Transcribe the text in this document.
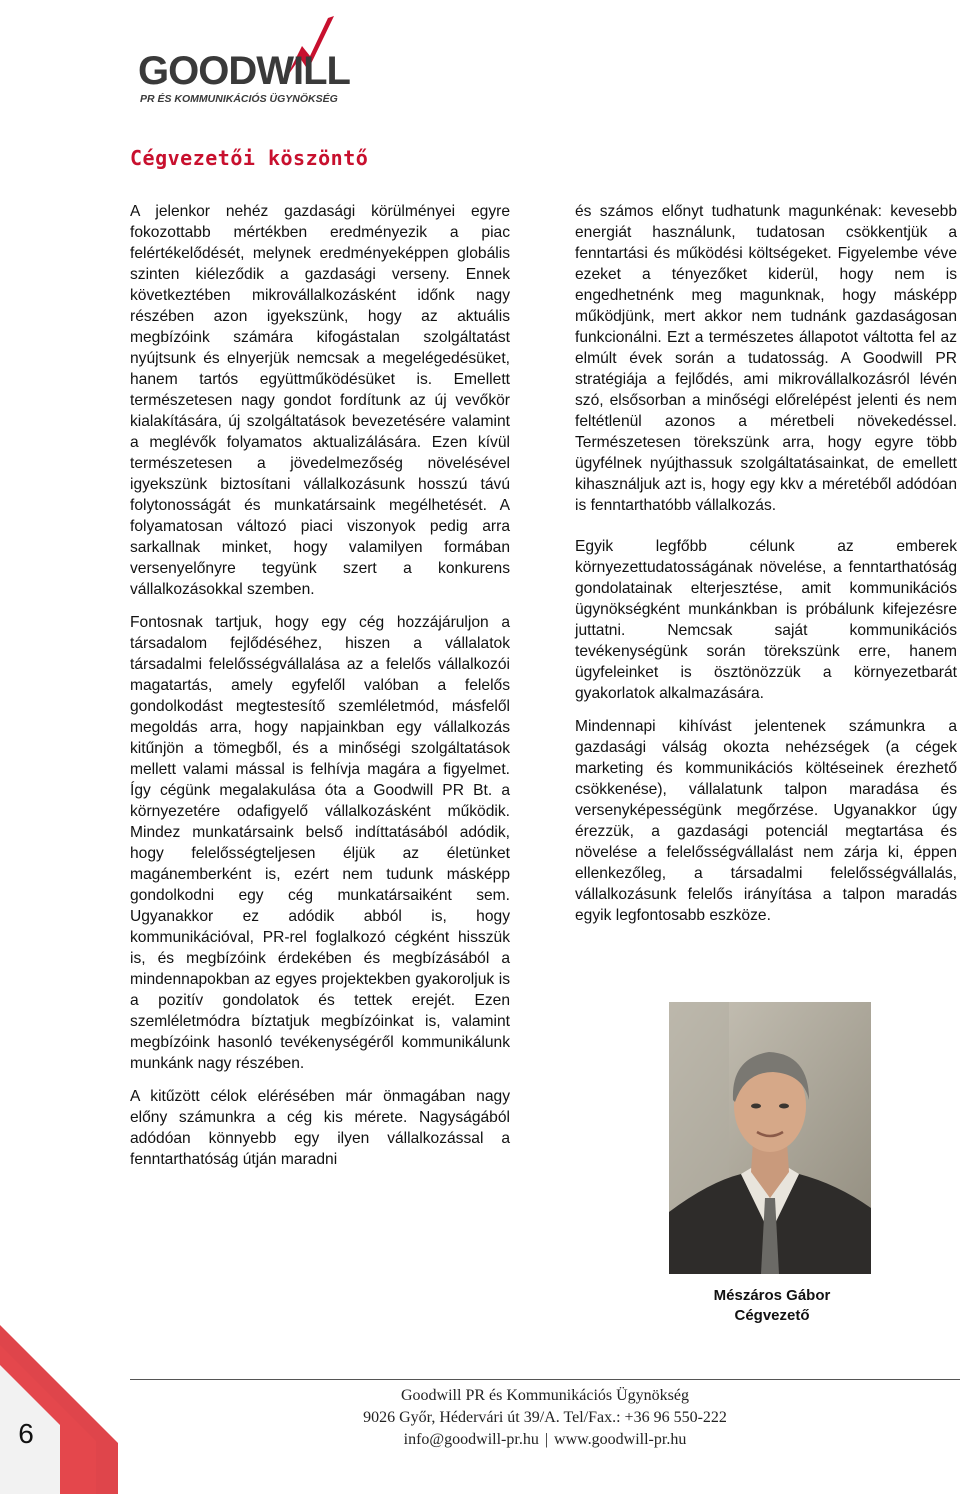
GOODWILL
PR ÉS KOMMUNIKÁCIÓS ÜGYNÖKSÉG
Cégvezetői köszöntő

A jelenkor nehéz gazdasági körülményei egyre fokozottabb mértékben eredményezik a piac felértékelődését, melynek eredményeképpen globális szinten kiéleződik a gazdasági verseny. Ennek következtében mikrovállalkozásként időnk nagy részében azon igyekszünk, hogy az aktuális megbízóink számára kifogástalan szolgáltatást nyújtsunk és elnyerjük nemcsak a megelégedésüket, hanem tartós együttműködésüket is. Emellett természetesen nagy gondot fordítunk az új vevőkör kialakítására, új szolgáltatások bevezetésére valamint a meglévők folyamatos aktualizálására. Ezen kívül természetesen a jövedelmezőség növelésével igyekszünk biztosítani vállalkozásunk hosszú távú folytonosságát és munkatársaink megélhetését. A folyamatosan változó piaci viszonyok pedig arra sarkallnak minket, hogy valamilyen formában versenyelőnyre tegyünk szert a konkurens vállalkozásokkal szemben.

Fontosnak tartjuk, hogy egy cég hozzájáruljon a társadalom fejlődéséhez, hiszen a vállalatok társadalmi felelősségvállalása az a felelős vállalkozói magatartás, amely egyfelől valóban a felelős gondolkodást megtestesítő szemléletmód, másfelől megoldás arra, hogy napjainkban egy vállalkozás kitűnjön a tömegből, és a minőségi szolgáltatások mellett valami mással is felhívja magára a figyelmet. Így cégünk megalakulása óta a Goodwill PR Bt. a környezetére odafigyelő vállalkozásként működik. Mindez munkatársaink belső indíttatásából adódik, hogy felelősségteljesen éljük az életünket magánemberként is, ezért nem tudunk másképp gondolkodni egy cég munkatársaiként sem. Ugyanakkor ez adódik abból is, hogy kommunikációval, PR-rel foglalkozó cégként hisszük is, és megbízóink érdekében és megbízásából a mindennapokban az egyes projektekben gyakoroljuk is a pozitív gondolatok és tettek erejét. Ezen szemléletmódra bíztatjuk megbízóinkat is, valamint megbízóink hasonló tevékenységéről kommunikálunk munkánk nagy részében.

A kitűzött célok elérésében már önmagában nagy előny számunkra a cég kis mérete. Nagyságából adódóan könnyebb egy ilyen vállalkozással a fenntarthatóság útján maradni

és számos előnyt tudhatunk magunkénak: kevesebb energiát használunk, tudatosan csökkentjük a fenntartási és működési költségeket. Figyelembe véve ezeket a tényezőket kiderül, hogy nem is engedhetnénk meg magunknak, hogy másképp működjünk, mert akkor nem tudnánk gazdaságosan funkcionálni. Ezt a természetes állapotot váltotta fel az elmúlt évek során a tudatosság. A Goodwill PR stratégiája a fejlődés, ami mikrovállalkozásról lévén szó, elsősorban a minőségi előrelépést jelenti és nem feltétlenül azonos a méretbeli növekedéssel. Természetesen törekszünk arra, hogy egyre több ügyfélnek nyújthassuk szolgáltatásainkat, de emellett kihasználjuk azt is, hogy egy kkv a méretéből adódóan is fenntarthatóbb vállalkozás.

Egyik legfőbb célunk az emberek környezettudatosságának növelése, a fenntarthatóság gondolatainak elterjesztése, amit kommunikációs ügynökségként munkánkban is próbálunk kifejezésre juttatni. Nemcsak saját kommunikációs tevékenységünk során törekszünk erre, hanem ügyfeleinket is ösztönözzük a környezetbarát gyakorlatok alkalmazására.

Mindennapi kihívást jelentenek számunkra a gazdasági válság okozta nehézségek (a cégek marketing és kommunikációs költéseinek érezhető csökkenése), vállalatunk talpon maradása és versenyképességünk megőrzése. Ugyanakkor úgy érezzük, a gazdasági potenciál megtartása és növelése a felelősségvállalást nem zárja ki, éppen ellenkezőleg, a társadalmi felelősségvállalás, vállalkozásunk felelős irányítása a talpon maradás egyik legfontosabb eszköze.

Mészáros Gábor
Cégvezető
6
Goodwill PR és Kommunikációs Ügynökség
9026 Győr, Hédervári út 39/A. Tel/Fax.: +36 96 550-222
info@goodwill-pr.hu | www.goodwill-pr.hu
